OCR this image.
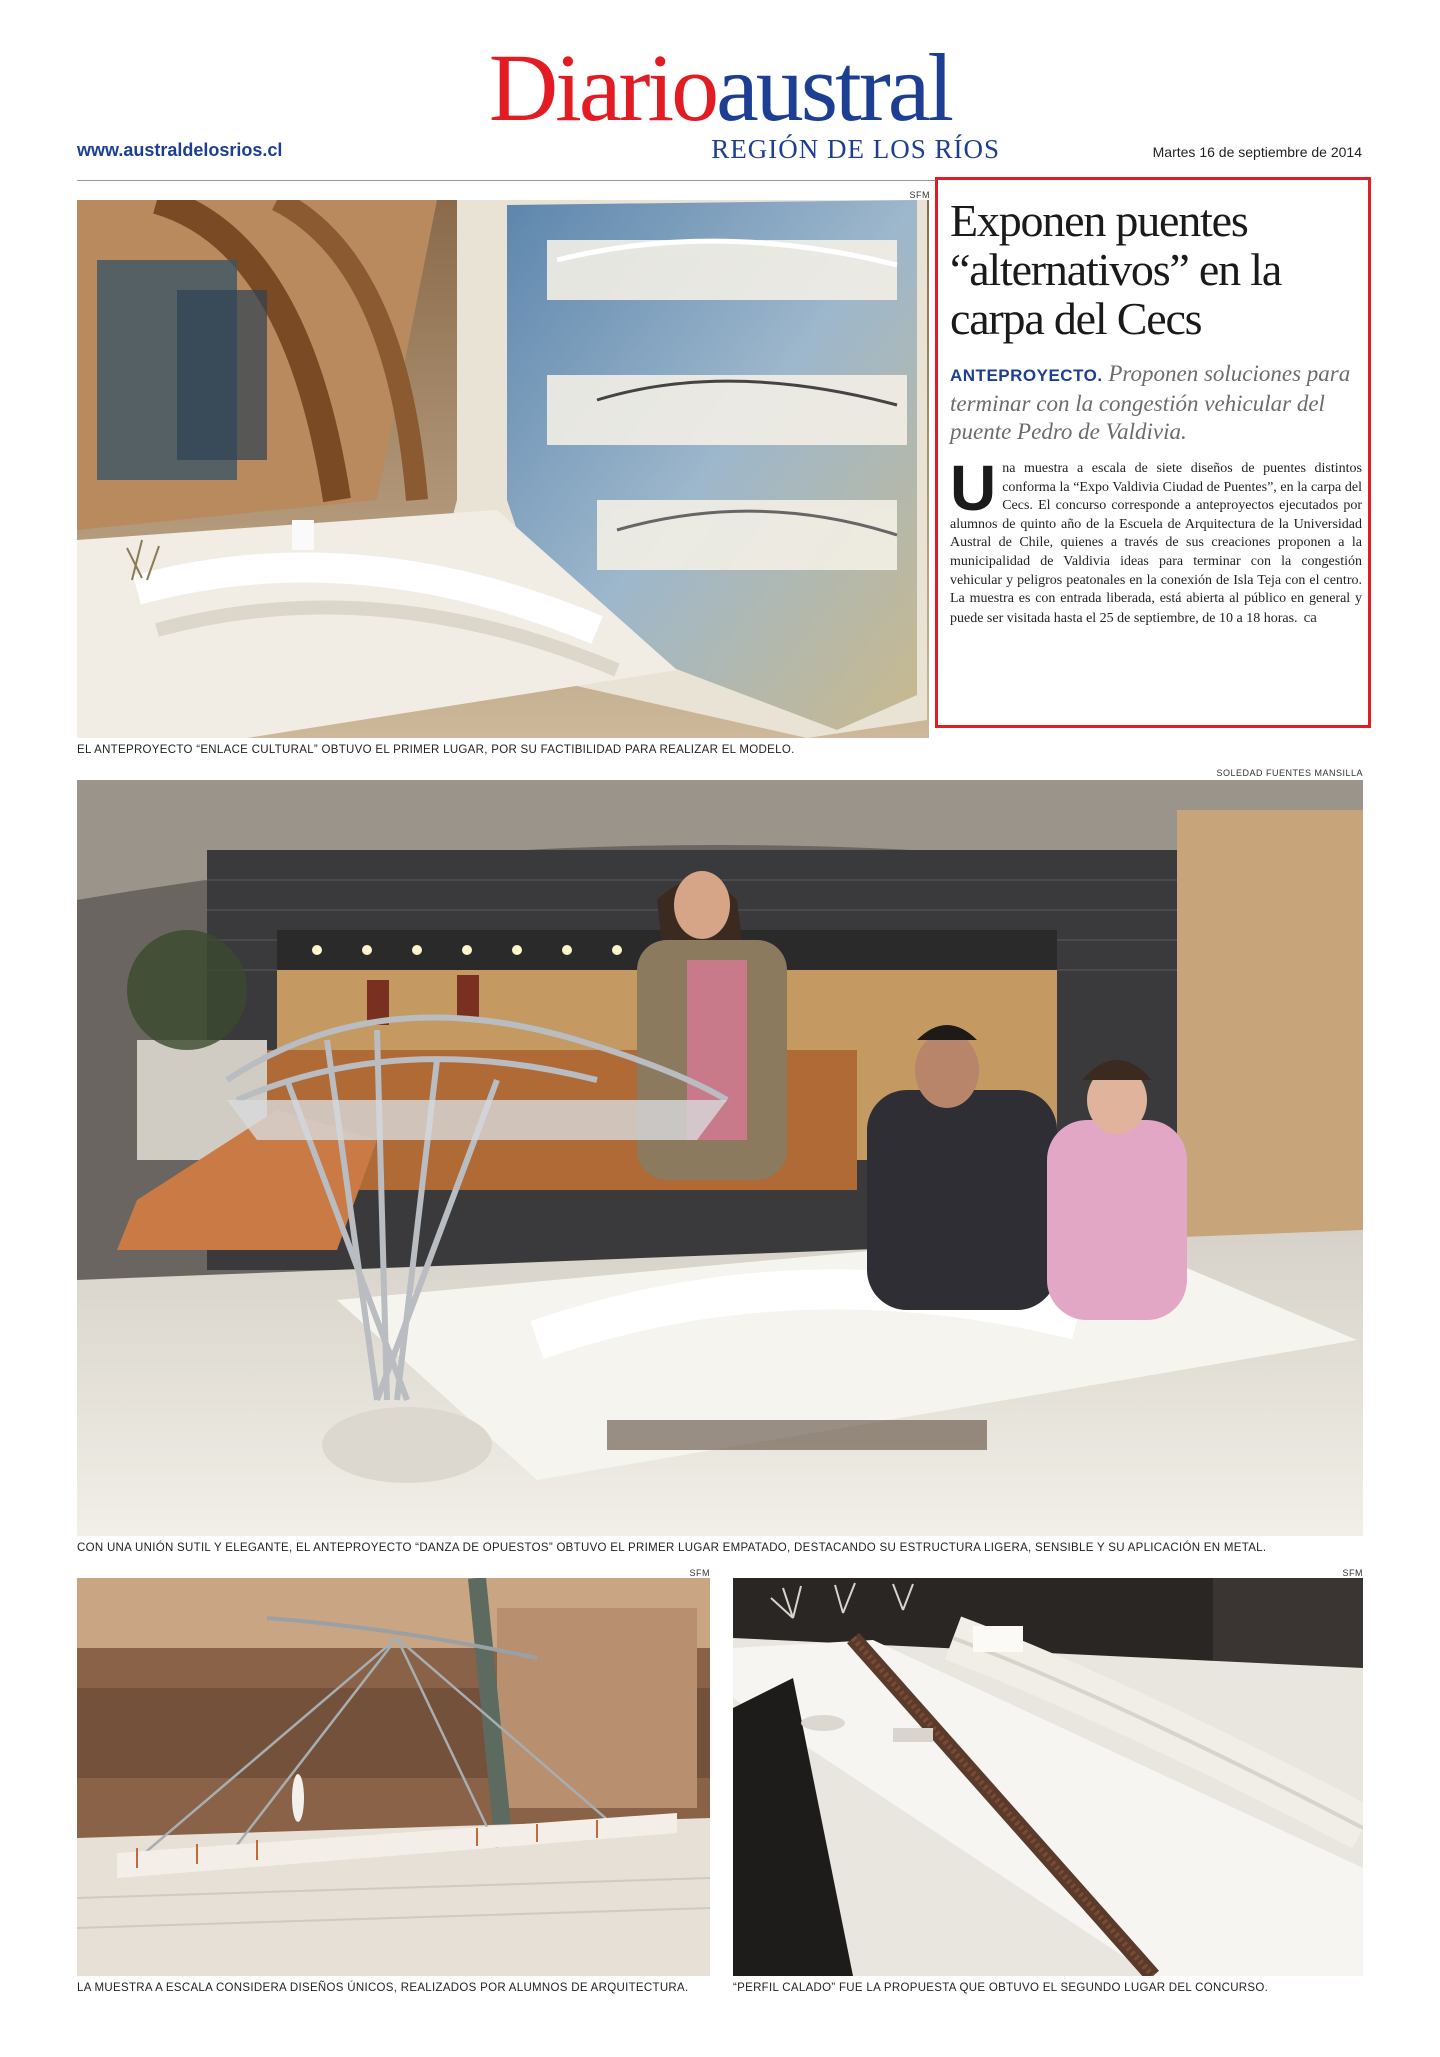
Diarioaustral
REGIÓN DE LOS RÍOS
www.australdelosrios.cl	Martes 16 de septiembre de 2014
SFM
EL ANTEPROYECTO “ENLACE CULTURAL” OBTUVO EL PRIMER LUGAR, POR SU FACTIBILIDAD PARA REALIZAR EL MODELO.
Exponen puentes “alternativos” en la carpa del Cecs
ANTEPROYECTO. Proponen soluciones para terminar con la congestión vehicular del puente Pedro de Valdivia.
Una muestra a escala de siete diseños de puentes distintos conforma la “Expo Valdivia Ciudad de Puentes”, en la carpa del Cecs. El concurso corresponde a anteproyectos ejecutados por alumnos de quinto año de la Escuela de Arquitectura de la Universidad Austral de Chile, quienes a través de sus creaciones proponen a la municipalidad de Valdivia ideas para terminar con la congestión vehicular y peligros peatonales en la conexión de Isla Teja con el centro. La muestra es con entrada liberada, está abierta al público en general y puede ser visitada hasta el 25 de septiembre, de 10 a 18 horas. ca
SOLEDAD FUENTES MANSILLA
CON UNA UNIÓN SUTIL Y ELEGANTE, EL ANTEPROYECTO “DANZA DE OPUESTOS” OBTUVO EL PRIMER LUGAR EMPATADO, DESTACANDO SU ESTRUCTURA LIGERA, SENSIBLE Y SU APLICACIÓN EN METAL.
SFM
LA MUESTRA A ESCALA CONSIDERA DISEÑOS ÚNICOS, REALIZADOS POR ALUMNOS DE ARQUITECTURA.
SFM
“PERFIL CALADO” FUE LA PROPUESTA QUE OBTUVO EL SEGUNDO LUGAR DEL CONCURSO.
